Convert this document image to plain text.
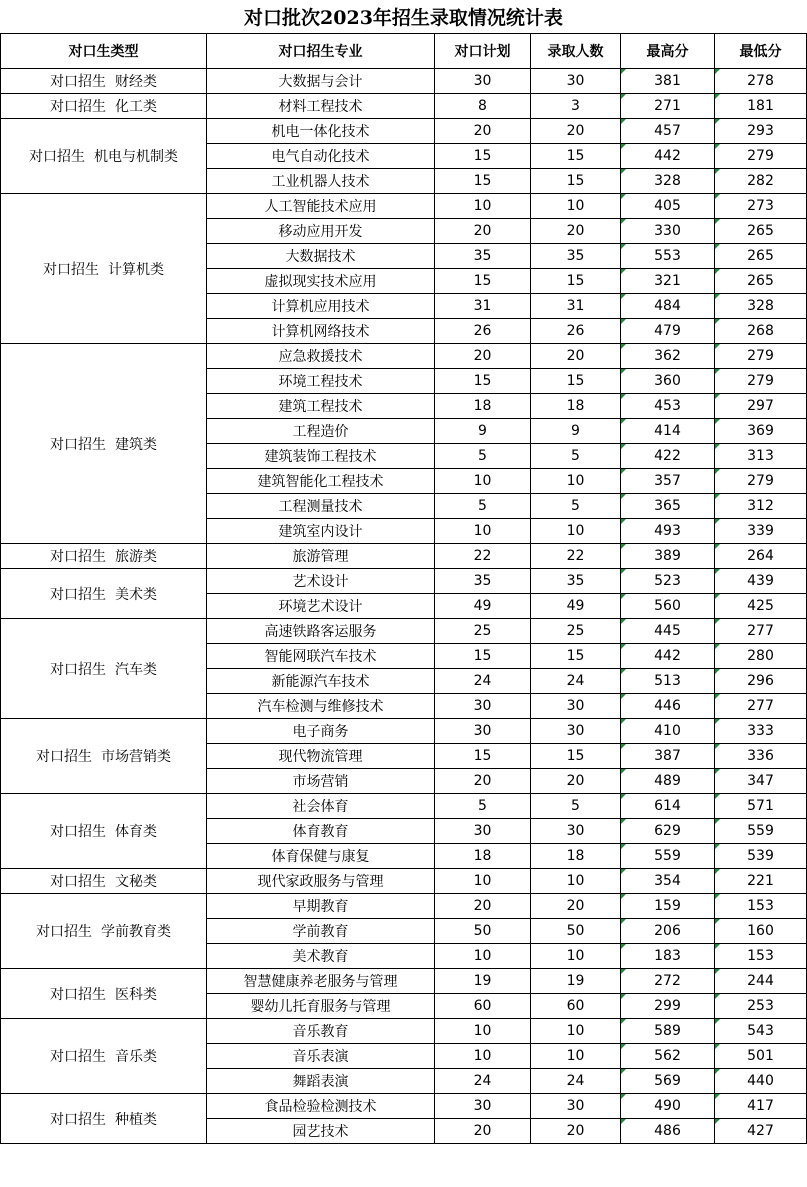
对口批次2023年招生录取情况统计表
对口生类型	对口招生专业	对口计划	录取人数	最高分	最低分
对口招生  财经类	大数据与会计	30	30	381	278
对口招生  化工类	材料工程技术	8	3	271	181
对口招生  机电与机制类	机电一体化技术	20	20	457	293
	电气自动化技术	15	15	442	279
	工业机器人技术	15	15	328	282
对口招生  计算机类	人工智能技术应用	10	10	405	273
	移动应用开发	20	20	330	265
	大数据技术	35	35	553	265
	虚拟现实技术应用	15	15	321	265
	计算机应用技术	31	31	484	328
	计算机网络技术	26	26	479	268
对口招生  建筑类	应急救援技术	20	20	362	279
	环境工程技术	15	15	360	279
	建筑工程技术	18	18	453	297
	工程造价	9	9	414	369
	建筑装饰工程技术	5	5	422	313
	建筑智能化工程技术	10	10	357	279
	工程测量技术	5	5	365	312
	建筑室内设计	10	10	493	339
对口招生  旅游类	旅游管理	22	22	389	264
对口招生  美术类	艺术设计	35	35	523	439
	环境艺术设计	49	49	560	425
对口招生  汽车类	高速铁路客运服务	25	25	445	277
	智能网联汽车技术	15	15	442	280
	新能源汽车技术	24	24	513	296
	汽车检测与维修技术	30	30	446	277
对口招生  市场营销类	电子商务	30	30	410	333
	现代物流管理	15	15	387	336
	市场营销	20	20	489	347
对口招生  体育类	社会体育	5	5	614	571
	体育教育	30	30	629	559
	体育保健与康复	18	18	559	539
对口招生  文秘类	现代家政服务与管理	10	10	354	221
对口招生  学前教育类	早期教育	20	20	159	153
	学前教育	50	50	206	160
	美术教育	10	10	183	153
对口招生  医科类	智慧健康养老服务与管理	19	19	272	244
	婴幼儿托育服务与管理	60	60	299	253
对口招生  音乐类	音乐教育	10	10	589	543
	音乐表演	10	10	562	501
	舞蹈表演	24	24	569	440
对口招生  种植类	食品检验检测技术	30	30	490	417
	园艺技术	20	20	486	427
